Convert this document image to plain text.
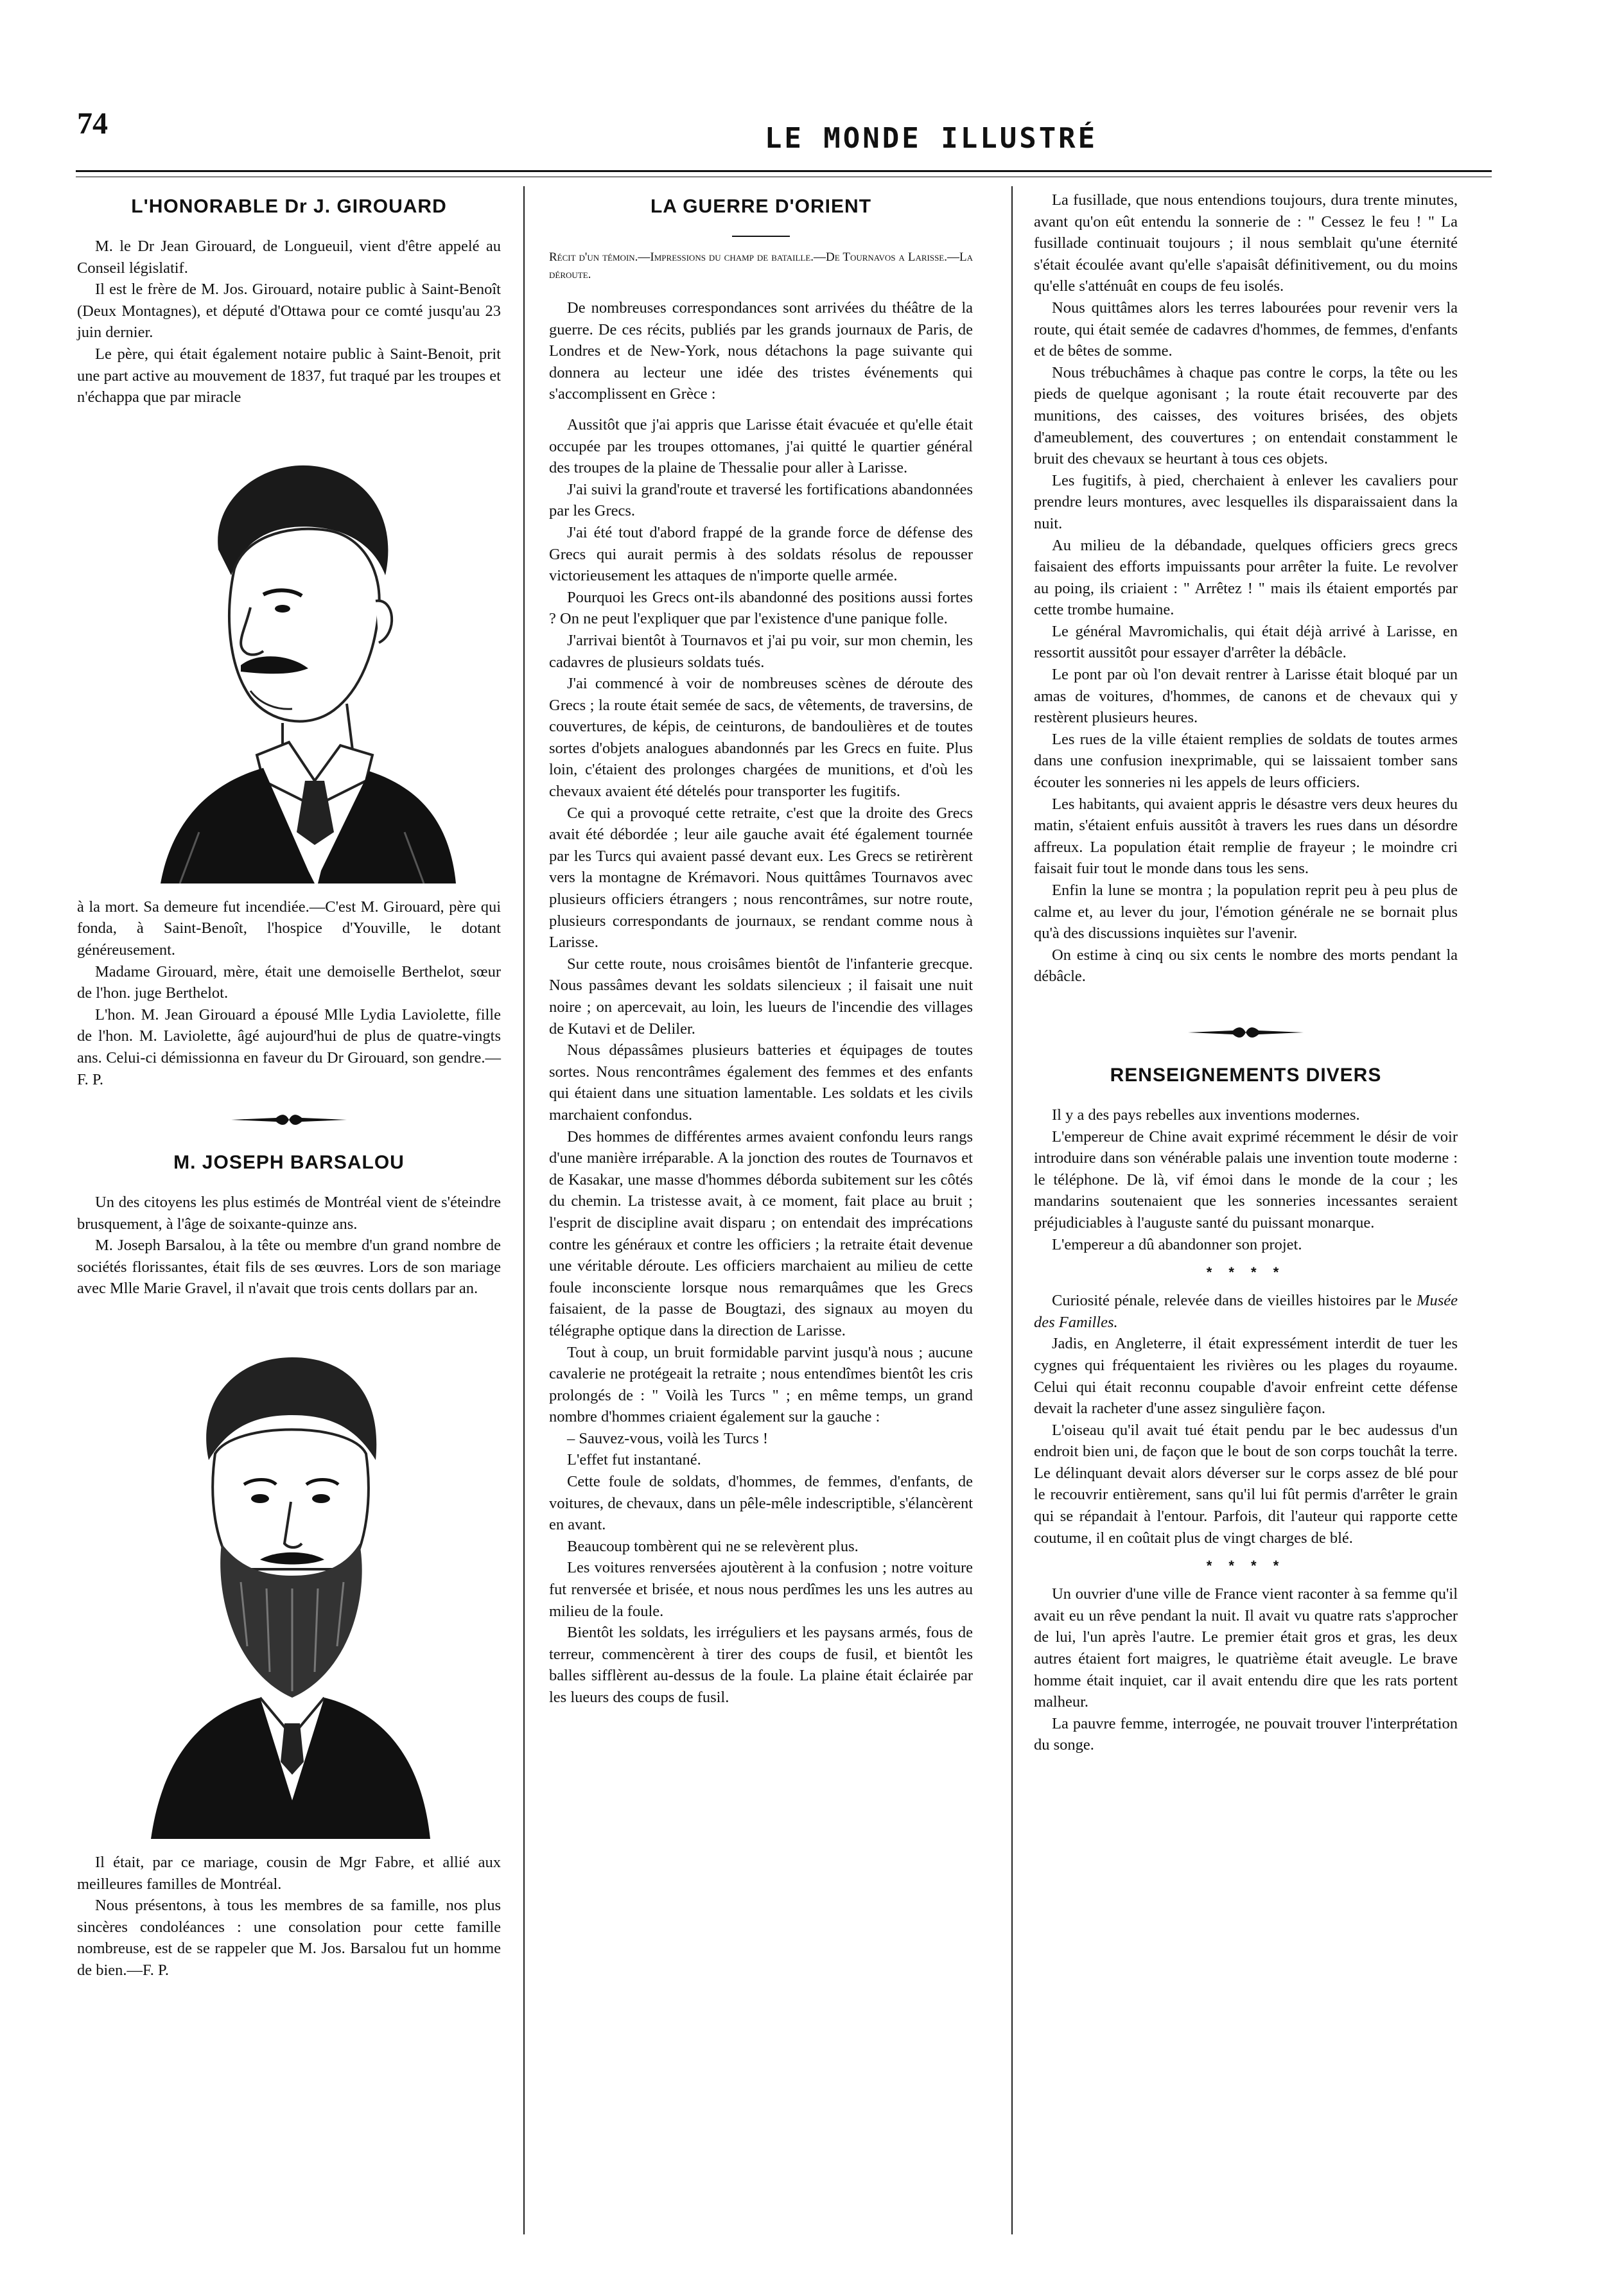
74	LE MONDE ILLUSTRÉ
L'HONORABLE Dr J. GIROUARD

M. le Dr Jean Girouard, de Longueuil, vient d'être appelé au Conseil législatif.

Il est le frère de M. Jos. Girouard, notaire public à Saint-Benoît (Deux Montagnes), et député d'Ottawa pour ce comté jusqu'au 23 juin dernier.

Le père, qui était également notaire public à Saint-Benoit, prit une part active au mouvement de 1837, fut traqué par les troupes et n'échappa que par miracle

à la mort. Sa demeure fut incendiée.—C'est M. Girouard, père qui fonda, à Saint-Benoît, l'hospice d'Youville, le dotant généreusement.

Madame Girouard, mère, était une demoiselle Berthelot, sœur de l'hon. juge Berthelot.

L'hon. M. Jean Girouard a épousé Mlle Lydia Laviolette, fille de l'hon. M. Laviolette, âgé aujourd'hui de plus de quatre-vingts ans. Celui-ci démissionna en faveur du Dr Girouard, son gendre.—F. P.

M. JOSEPH BARSALOU

Un des citoyens les plus estimés de Montréal vient de s'éteindre brusquement, à l'âge de soixante-quinze ans.

M. Joseph Barsalou, à la tête ou membre d'un grand nombre de sociétés florissantes, était fils de ses œuvres. Lors de son mariage avec Mlle Marie Gravel, il n'avait que trois cents dollars par an.

Il était, par ce mariage, cousin de Mgr Fabre, et allié aux meilleures familles de Montréal.

Nous présentons, à tous les membres de sa famille, nos plus sincères condoléances : une consolation pour cette famille nombreuse, est de se rappeler que M. Jos. Barsalou fut un homme de bien.—F. P.

LA GUERRE D'ORIENT
Récit d'un témoin.—Impressions du champ de bataille.—De Tournavos a Larisse.—La déroute.

De nombreuses correspondances sont arrivées du théâtre de la guerre. De ces récits, publiés par les grands journaux de Paris, de Londres et de New-York, nous détachons la page suivante qui donnera au lecteur une idée des tristes événements qui s'accomplissent en Grèce :

Aussitôt que j'ai appris que Larisse était évacuée et qu'elle était occupée par les troupes ottomanes, j'ai quitté le quartier général des troupes de la plaine de Thessalie pour aller à Larisse.

J'ai suivi la grand'route et traversé les fortifications abandonnées par les Grecs.

J'ai été tout d'abord frappé de la grande force de défense des Grecs qui aurait permis à des soldats résolus de repousser victorieusement les attaques de n'importe quelle armée.

Pourquoi les Grecs ont-ils abandonné des positions aussi fortes ? On ne peut l'expliquer que par l'existence d'une panique folle.

J'arrivai bientôt à Tournavos et j'ai pu voir, sur mon chemin, les cadavres de plusieurs soldats tués.

J'ai commencé à voir de nombreuses scènes de déroute des Grecs ; la route était semée de sacs, de vêtements, de traversins, de couvertures, de képis, de ceinturons, de bandoulières et de toutes sortes d'objets analogues abandonnés par les Grecs en fuite. Plus loin, c'étaient des prolonges chargées de munitions, et d'où les chevaux avaient été dételés pour transporter les fugitifs.

Ce qui a provoqué cette retraite, c'est que la droite des Grecs avait été débordée ; leur aile gauche avait été également tournée par les Turcs qui avaient passé devant eux. Les Grecs se retirèrent vers la montagne de Krémavori. Nous quittâmes Tournavos avec plusieurs officiers étrangers ; nous rencontrâmes, sur notre route, plusieurs correspondants de journaux, se rendant comme nous à Larisse.

Sur cette route, nous croisâmes bientôt de l'infanterie grecque. Nous passâmes devant les soldats silencieux ; il faisait une nuit noire ; on apercevait, au loin, les lueurs de l'incendie des villages de Kutavi et de Deliler.

Nous dépassâmes plusieurs batteries et équipages de toutes sortes. Nous rencontrâmes également des femmes et des enfants qui étaient dans une situation lamentable. Les soldats et les civils marchaient confondus.

Des hommes de différentes armes avaient confondu leurs rangs d'une manière irréparable. A la jonction des routes de Tournavos et de Kasakar, une masse d'hommes déborda subitement sur les côtés du chemin. La tristesse avait, à ce moment, fait place au bruit ; l'esprit de discipline avait disparu ; on entendait des imprécations contre les généraux et contre les officiers ; la retraite était devenue une véritable déroute. Les officiers marchaient au milieu de cette foule inconsciente lorsque nous remarquâmes que les Grecs faisaient, de la passe de Bougtazi, des signaux au moyen du télégraphe optique dans la direction de Larisse.

Tout à coup, un bruit formidable parvint jusqu'à nous ; aucune cavalerie ne protégeait la retraite ; nous entendîmes bientôt les cris prolongés de : " Voilà les Turcs " ; en même temps, un grand nombre d'hommes criaient également sur la gauche :

– Sauvez-vous, voilà les Turcs !

L'effet fut instantané.

Cette foule de soldats, d'hommes, de femmes, d'enfants, de voitures, de chevaux, dans un pêle-mêle indescriptible, s'élancèrent en avant.

Beaucoup tombèrent qui ne se relevèrent plus.

Les voitures renversées ajoutèrent à la confusion ; notre voiture fut renversée et brisée, et nous nous perdîmes les uns les autres au milieu de la foule.

Bientôt les soldats, les irréguliers et les paysans armés, fous de terreur, commencèrent à tirer des coups de fusil, et bientôt les balles sifflèrent au-dessus de la foule. La plaine était éclairée par les lueurs des coups de fusil.

La fusillade, que nous entendions toujours, dura trente minutes, avant qu'on eût entendu la sonnerie de : " Cessez le feu ! " La fusillade continuait toujours ; il nous semblait qu'une éternité s'était écoulée avant qu'elle s'apaisât définitivement, ou du moins qu'elle s'atténuât en coups de feu isolés.

Nous quittâmes alors les terres labourées pour revenir vers la route, qui était semée de cadavres d'hommes, de femmes, d'enfants et de bêtes de somme.

Nous trébuchâmes à chaque pas contre le corps, la tête ou les pieds de quelque agonisant ; la route était recouverte par des munitions, des caisses, des voitures brisées, des objets d'ameublement, des couvertures ; on entendait constamment le bruit des chevaux se heurtant à tous ces objets.

Les fugitifs, à pied, cherchaient à enlever les cavaliers pour prendre leurs montures, avec lesquelles ils disparaissaient dans la nuit.

Au milieu de la débandade, quelques officiers grecs grecs faisaient des efforts impuissants pour arrêter la fuite. Le revolver au poing, ils criaient : " Arrêtez ! " mais ils étaient emportés par cette trombe humaine.

Le général Mavromichalis, qui était déjà arrivé à Larisse, en ressortit aussitôt pour essayer d'arrêter la débâcle.

Le pont par où l'on devait rentrer à Larisse était bloqué par un amas de voitures, d'hommes, de canons et de chevaux qui y restèrent plusieurs heures.

Les rues de la ville étaient remplies de soldats de toutes armes dans une confusion inexprimable, qui se laissaient tomber sans écouter les sonneries ni les appels de leurs officiers.

Les habitants, qui avaient appris le désastre vers deux heures du matin, s'étaient enfuis aussitôt à travers les rues dans un désordre affreux. La population était remplie de frayeur ; le moindre cri faisait fuir tout le monde dans tous les sens.

Enfin la lune se montra ; la population reprit peu à peu plus de calme et, au lever du jour, l'émotion générale ne se bornait plus qu'à des discussions inquiètes sur l'avenir.

On estime à cinq ou six cents le nombre des morts pendant la débâcle.

RENSEIGNEMENTS DIVERS

Il y a des pays rebelles aux inventions modernes.

L'empereur de Chine avait exprimé récemment le désir de voir introduire dans son vénérable palais une invention toute moderne : le téléphone. De là, vif émoi dans le monde de la cour ; les mandarins soutenaient que les sonneries incessantes seraient préjudiciables à l'auguste santé du puissant monarque.

L'empereur a dû abandonner son projet.

* * * *

Curiosité pénale, relevée dans de vieilles histoires par le Musée des Familles.

Jadis, en Angleterre, il était expressément interdit de tuer les cygnes qui fréquentaient les rivières ou les plages du royaume. Celui qui était reconnu coupable d'avoir enfreint cette défense devait la racheter d'une assez singulière façon.

L'oiseau qu'il avait tué était pendu par le bec audessus d'un endroit bien uni, de façon que le bout de son corps touchât la terre. Le délinquant devait alors déverser sur le corps assez de blé pour le recouvrir entièrement, sans qu'il lui fût permis d'arrêter le grain qui se répandait à l'entour. Parfois, dit l'auteur qui rapporte cette coutume, il en coûtait plus de vingt charges de blé.

* * * *

Un ouvrier d'une ville de France vient raconter à sa femme qu'il avait eu un rêve pendant la nuit. Il avait vu quatre rats s'approcher de lui, l'un après l'autre. Le premier était gros et gras, les deux autres étaient fort maigres, le quatrième était aveugle. Le brave homme était inquiet, car il avait entendu dire que les rats portent malheur.

La pauvre femme, interrogée, ne pouvait trouver l'interprétation du songe.
